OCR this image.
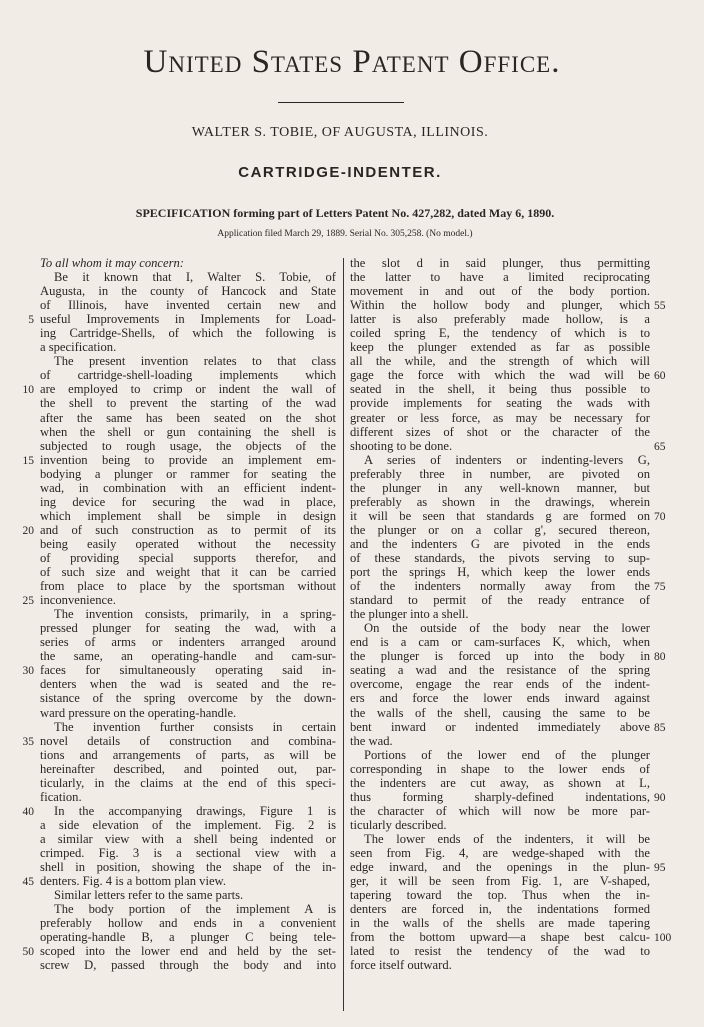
United States Patent Office.
WALTER S. TOBIE, OF AUGUSTA, ILLINOIS.
CARTRIDGE-INDENTER.
SPECIFICATION forming part of Letters Patent No. 427,282, dated May 6, 1890.
Application filed March 29, 1889. Serial No. 305,258. (No model.)
To all whom it may concern:
Be it known that I, Walter S. Tobie, of
Augusta, in the county of Hancock and State
of Illinois, have invented certain new and
useful Improvements in Implements for Load-
ing Cartridge-Shells, of which the following is
a specification.
The present invention relates to that class
of cartridge-shell-loading implements which
are employed to crimp or indent the wall of
the shell to prevent the starting of the wad
after the same has been seated on the shot
when the shell or gun containing the shell is
subjected to rough usage, the objects of the
invention being to provide an implement em-
bodying a plunger or rammer for seating the
wad, in combination with an efficient indent-
ing device for securing the wad in place,
which implement shall be simple in design
and of such construction as to permit of its
being easily operated without the necessity
of providing special supports therefor, and
of such size and weight that it can be carried
from place to place by the sportsman without
inconvenience.
The invention consists, primarily, in a spring-
pressed plunger for seating the wad, with a
series of arms or indenters arranged around
the same, an operating-handle and cam-sur-
faces for simultaneously operating said in-
denters when the wad is seated and the re-
sistance of the spring overcome by the down-
ward pressure on the operating-handle.
The invention further consists in certain
novel details of construction and combina-
tions and arrangements of parts, as will be
hereinafter described, and pointed out, par-
ticularly, in the claims at the end of this speci-
fication.
In the accompanying drawings, Figure 1 is
a side elevation of the implement. Fig. 2 is
a similar view with a shell being indented or
crimped. Fig. 3 is a sectional view with a
shell in position, showing the shape of the in-
denters. Fig. 4 is a bottom plan view.
Similar letters refer to the same parts.
The body portion of the implement A is
preferably hollow and ends in a convenient
operating-handle B, a plunger C being tele-
scoped into the lower end and held by the set-
screw D, passed through the body and into
the slot d in said plunger, thus permitting
the latter to have a limited reciprocating
movement in and out of the body portion.
Within the hollow body and plunger, which
latter is also preferably made hollow, is a
coiled spring E, the tendency of which is to
keep the plunger extended as far as possible
all the while, and the strength of which will
gage the force with which the wad will be
seated in the shell, it being thus possible to
provide implements for seating the wads with
greater or less force, as may be necessary for
different sizes of shot or the character of the
shooting to be done.
A series of indenters or indenting-levers G,
preferably three in number, are pivoted on
the plunger in any well-known manner, but
preferably as shown in the drawings, wherein
it will be seen that standards g are formed on
the plunger or on a collar g', secured thereon,
and the indenters G are pivoted in the ends
of these standards, the pivots serving to sup-
port the springs H, which keep the lower ends
of the indenters normally away from the
standard to permit of the ready entrance of
the plunger into a shell.
On the outside of the body near the lower
end is a cam or cam-surfaces K, which, when
the plunger is forced up into the body in
seating a wad and the resistance of the spring
overcome, engage the rear ends of the indent-
ers and force the lower ends inward against
the walls of the shell, causing the same to be
bent inward or indented immediately above
the wad.
Portions of the lower end of the plunger
corresponding in shape to the lower ends of
the indenters are cut away, as shown at L,
thus forming sharply-defined indentations,
the character of which will now be more par-
ticularly described.
The lower ends of the indenters, it will be
seen from Fig. 4, are wedge-shaped with the
edge inward, and the openings in the plun-
ger, it will be seen from Fig. 1, are V-shaped,
tapering toward the top. Thus when the in-
denters are forced in, the indentations formed
in the walls of the shells are made tapering
from the bottom upward—a shape best calcu-
lated to resist the tendency of the wad to
force itself outward.
5
10
15
20
25
30
35
40
45
50
55
60
65
70
75
80
85
90
95
100
